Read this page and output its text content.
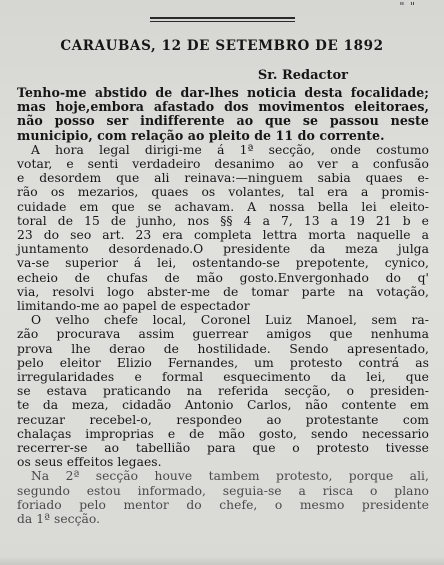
" "
CARAUBAS, 12 DE SETEMBRO DE 1892
Sr. Redactor
Tenho-me abstido de dar-lhes noticia desta focalidade;
mas hoje,embora afastado dos movimentos eleitoraes,
não posso ser indifferente ao que se passou neste
municipio, com relação ao pleito de 11 do corrente.
A hora legal dirigi-me á 1ª secção, onde costumo
votar, e senti verdadeiro desanimo ao ver a confusão
e desordem que ali reinava:—ninguem sabia quaes e-
rão os mezarios, quaes os volantes, tal era a promis-
cuidade em que se achavam. A nossa bella lei eleito-
toral de 15 de junho, nos §§ 4 a 7, 13 a 19 21 b e
23 do seo art. 23 era completa lettra morta naquelle a
juntamento desordenado.O presidente da meza julga
va-se superior á lei, ostentando-se prepotente, cynico,
echeio de chufas de mão gosto.Envergonhado do q'
via, resolvi logo abster-me de tomar parte na votação,
limitando-me ao papel de espectador
O velho chefe local, Coronel Luiz Manoel, sem ra-
zão procurava assim guerrear amigos que nenhuma
prova lhe derao de hostilidade. Sendo apresentado,
pelo eleitor Elizio Fernandes, um protesto contrá as
irregularidades e formal esquecimento da lei, que
se estava praticando na referida secção, o presiden-
te da meza, cidadão Antonio Carlos, não contente em
recuzar recebel-o, respondeo ao protestante com
chalaças improprias e de mão gosto, sendo necessario
recerrer-se ao tabellião para que o protesto tivesse
os seus effeitos legaes.
Na 2ª secção houve tambem protesto, porque ali,
segundo estou informado, seguia-se a risca o plano
foriado pelo mentor do chefe, o mesmo presidente
da 1ª secção.
